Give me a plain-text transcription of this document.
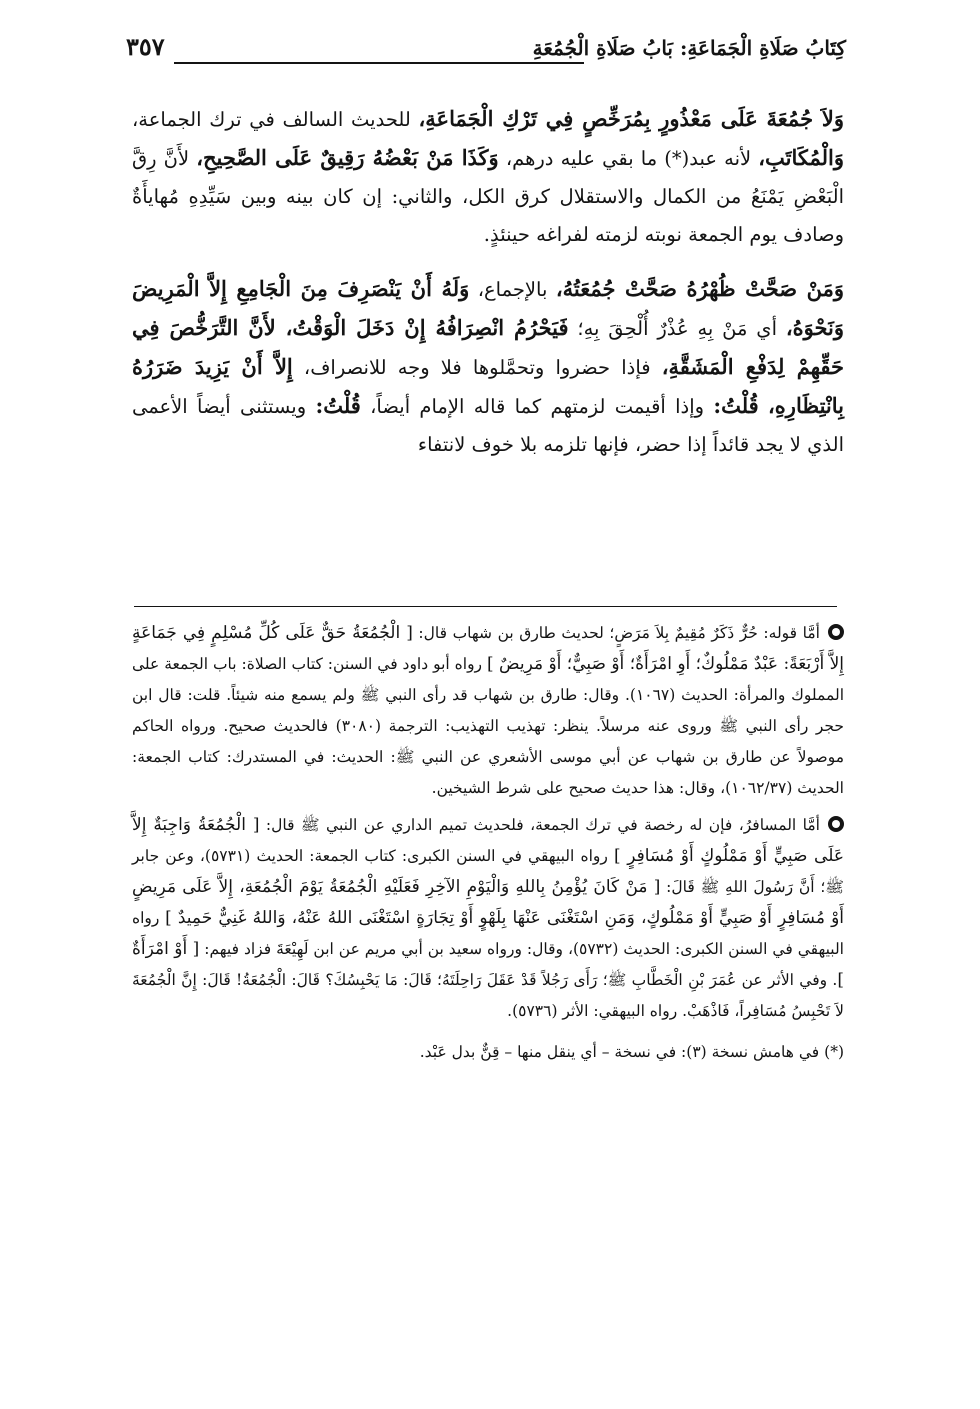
كِتَابُ صَلَاةِ الْجَمَاعَةِ: بَابُ صَلَاةِ الْجُمُعَةِ
٣٥٧

وَلاَ جُمُعَةَ عَلَى مَعْذُورٍ بِمُرَخِّصٍ فِي تَرْكِ الْجَمَاعَةِ، للحديث السالف في ترك الجماعة، وَالْمُكَاتَبِ، لأنه عبد(*) ما بقي عليه درهم، وَكَذَا مَنْ بَعْضُهُ رَقِيقٌ عَلَى الصَّحِيحِ، لأَنَّ رِقَّ الْبَعْضِ يَمْنَعُ من الكمال والاستقلال كرق الكل، والثاني: إن كان بينه وبين سَيِّدِهِ مُهايأَةٌ وصادف يوم الجمعة نوبته لزمته لفراغه حينئذٍ.

وَمَنْ صَحَّتْ ظُهْرُهُ صَحَّتْ جُمُعَتُهُ، بالإجماع، وَلَهُ أَنْ يَنْصَرِفَ مِنَ الْجَامِعِ إِلاَّ الْمَرِيضَ وَنَحْوَهُ، أي مَنْ بِهِ عُذْرٌ أُلْحِقَ بِهِ؛ فَيَحْرُمُ انْصِرَافُهُ إِنْ دَخَلَ الْوَقْتُ، لأَنَّ التَّرَخُّصَ فِي حَقِّهِمْ لِدَفْعِ الْمَشَقَّةِ، فإذا حضروا وتحمَّلوها فلا وجه للانصراف، إِلاَّ أَنْ يَزِيدَ ضَرَرُهُ بِانْتِظَارِهِ، قُلْتُ: وإذا أقيمت لزمتهم كما قاله الإمام أيضاً، قُلْتُ: ويستثنى أيضاً الأعمى الذي لا يجد قائداً إذا حضر، فإنها تلزمه بلا خوف لانتفاء

أمَّا قوله: حُرٌّ ذَكَرٌ مُقِيمٌ بِلاَ مَرَضٍ؛ لحديث طارق بن شهاب قال: [ الْجُمُعَةُ حَقٌّ عَلَى كُلِّ مُسْلِمٍ فِي جَمَاعَةٍ إِلاَّ أَرْبَعَةً: عَبْدٌ مَمْلُوكٌ؛ أَوِ امْرَأَةٌ؛ أَوْ صَبِيٌّ؛ أَوْ مَرِيضٌ ] رواه أبو داود في السنن: كتاب الصلاة: باب الجمعة على المملوك والمرأة: الحديث (١٠٦٧). وقال: طارق بن شهاب قد رأى النبي ﷺ ولم يسمع منه شيئاً. قلت: قال ابن حجر رأى النبي ﷺ وروى عنه مرسلاً. ينظر: تهذيب التهذيب: الترجمة (٣٠٨٠) فالحديث صحيح. ورواه الحاكم موصولاً عن طارق بن شهاب عن أبي موسى الأشعري عن النبي ﷺ: الحديث: في المستدرك: كتاب الجمعة: الحديث (١٠٦٢/٣٧)، وقال: هذا حديث صحيح على شرط الشيخين.

أمَّا المسافرُ، فإن له رخصة في ترك الجمعة، فلحديث تميم الداري عن النبي ﷺ قال: [ الْجُمُعَةُ وَاجِبَةٌ إِلاَّ عَلَى صَبِيٍّ أَوْ مَمْلُوكٍ أَوْ مُسَافِرٍ ] رواه البيهقي في السنن الكبرى: كتاب الجمعة: الحديث (٥٧٣١)، وعن جابر ﷺ؛ أَنَّ رَسُولَ اللهِ ﷺ قَالَ: [ مَنْ كَانَ يُؤْمِنُ بِاللهِ وَالْيَوْمِ الآخِرِ فَعَلَيْهِ الْجُمُعَةُ يَوْمَ الْجُمُعَةِ، إِلاَّ عَلَى مَرِيضٍ أَوْ مُسَافِرٍ أَوْ صَبِيٍّ أَوْ مَمْلُوكٍ، وَمَنِ اسْتَغْنَى عَنْهَا بِلَهْوٍ أَوْ تِجَارَةٍ اسْتَغْنَى اللهُ عَنْهُ، وَاللهُ غَنِيٌّ حَمِيدٌ ] رواه البيهقي في السنن الكبرى: الحديث (٥٧٣٢)، وقال: ورواه سعيد بن أبي مريم عن ابن لَهِيْعَةَ فزاد فيهم: [ أَوْ امْرَأَةٌ ]. وفي الأثر عن عُمَرَ بْنِ الْخَطَّابِ ﷺ؛ رَأَى رَجُلاً قَدْ عَقَلَ رَاحِلَتَهُ؛ قَالَ: مَا يَحْبِسُكَ؟ قَالَ: الْجُمُعَةُ! قَالَ: إِنَّ الْجُمُعَةَ لاَ تَحْبِسُ مُسَافِراً، فَاذْهَبْ. رواه البيهقي: الأثر (٥٧٣٦).

(*) في هامش نسخة (٣): في نسخة – أي ينقل منها – قِنٌّ بدل عَبْد.
